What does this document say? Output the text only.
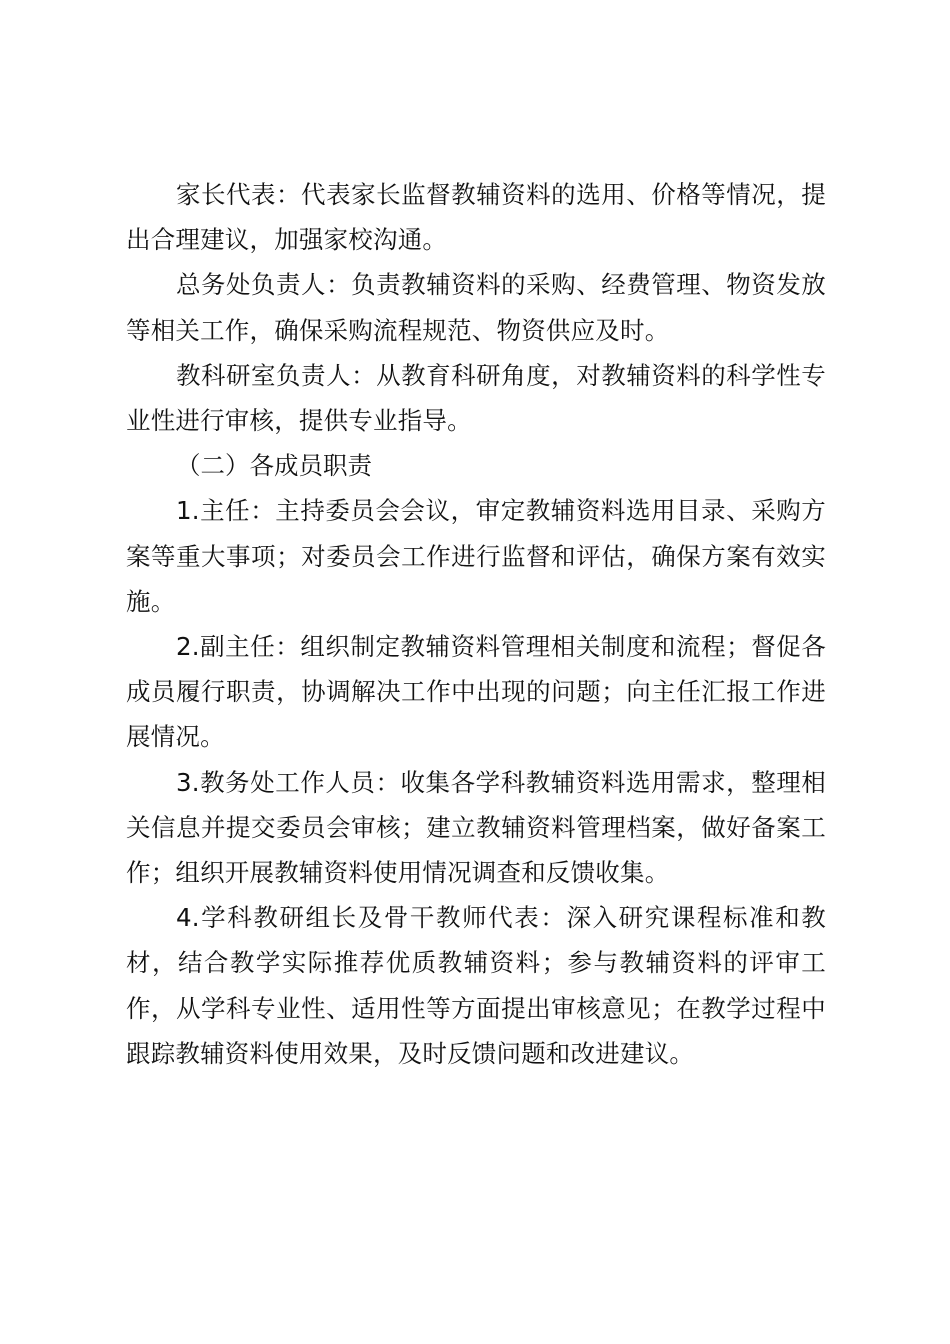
家长代表：代表家长监督教辅资料的选用、价格等情况，提出合理建议，加强家校沟通。

总务处负责人：负责教辅资料的采购、经费管理、物资发放等相关工作，确保采购流程规范、物资供应及时。

教科研室负责人：从教育科研角度，对教辅资料的科学性专业性进行审核，提供专业指导。

（二）各成员职责

1.主任：主持委员会会议，审定教辅资料选用目录、采购方案等重大事项；对委员会工作进行监督和评估，确保方案有效实施。

2.副主任：组织制定教辅资料管理相关制度和流程；督促各成员履行职责，协调解决工作中出现的问题；向主任汇报工作进展情况。

3.教务处工作人员：收集各学科教辅资料选用需求，整理相关信息并提交委员会审核；建立教辅资料管理档案，做好备案工作；组织开展教辅资料使用情况调查和反馈收集。

4.学科教研组长及骨干教师代表：深入研究课程标准和教材，结合教学实际推荐优质教辅资料；参与教辅资料的评审工作，从学科专业性、适用性等方面提出审核意见；在教学过程中跟踪教辅资料使用效果，及时反馈问题和改进建议。
